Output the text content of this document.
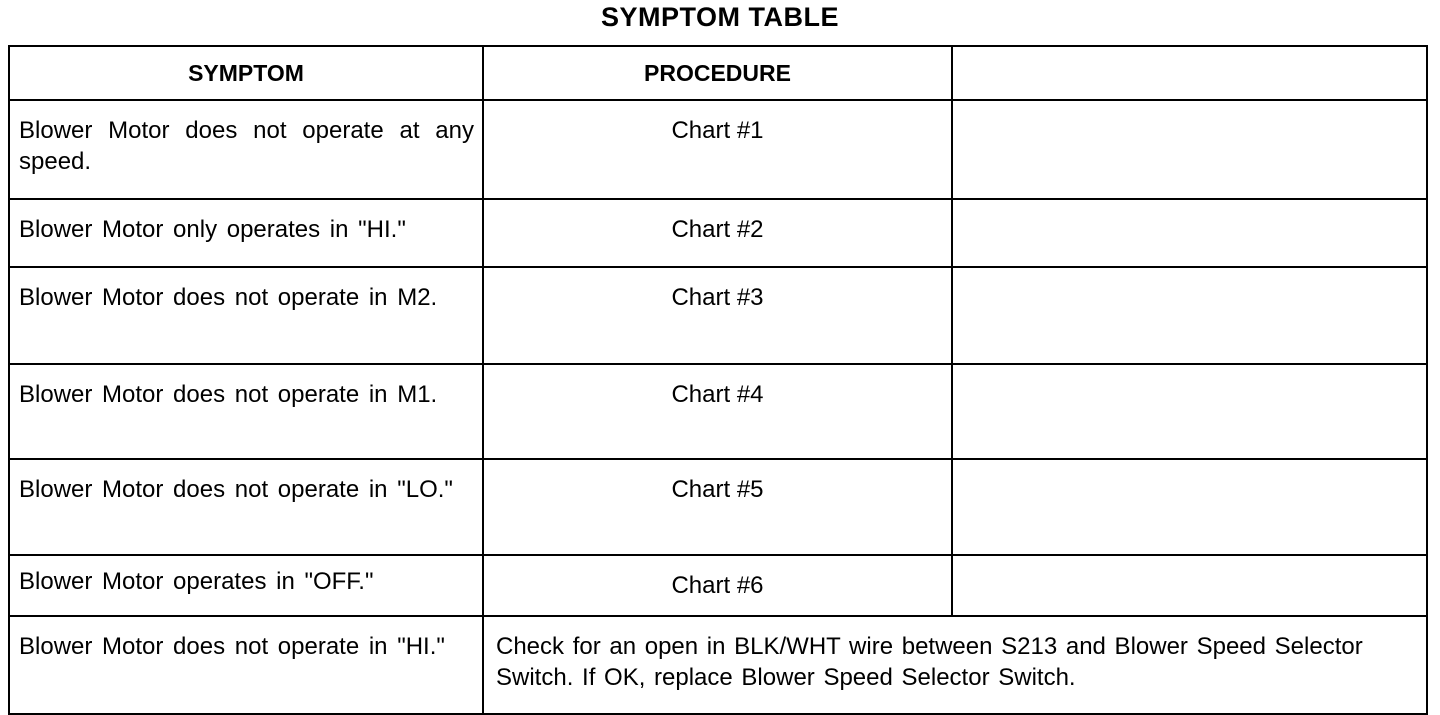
SYMPTOM TABLE
SYMPTOM	PROCEDURE	
Blower Motor does not operate at any speed.	Chart #1	
Blower Motor only operates in "HI."	Chart #2	
Blower Motor does not operate in M2.	Chart #3	
Blower Motor does not operate in M1.	Chart #4	
Blower Motor does not operate in "LO."	Chart #5	
Blower Motor operates in "OFF."	Chart #6	
Blower Motor does not operate in "HI."	Check for an open in BLK/WHT wire between S213 and Blower Speed Selector Switch. If OK, replace Blower Speed Selector Switch.	
